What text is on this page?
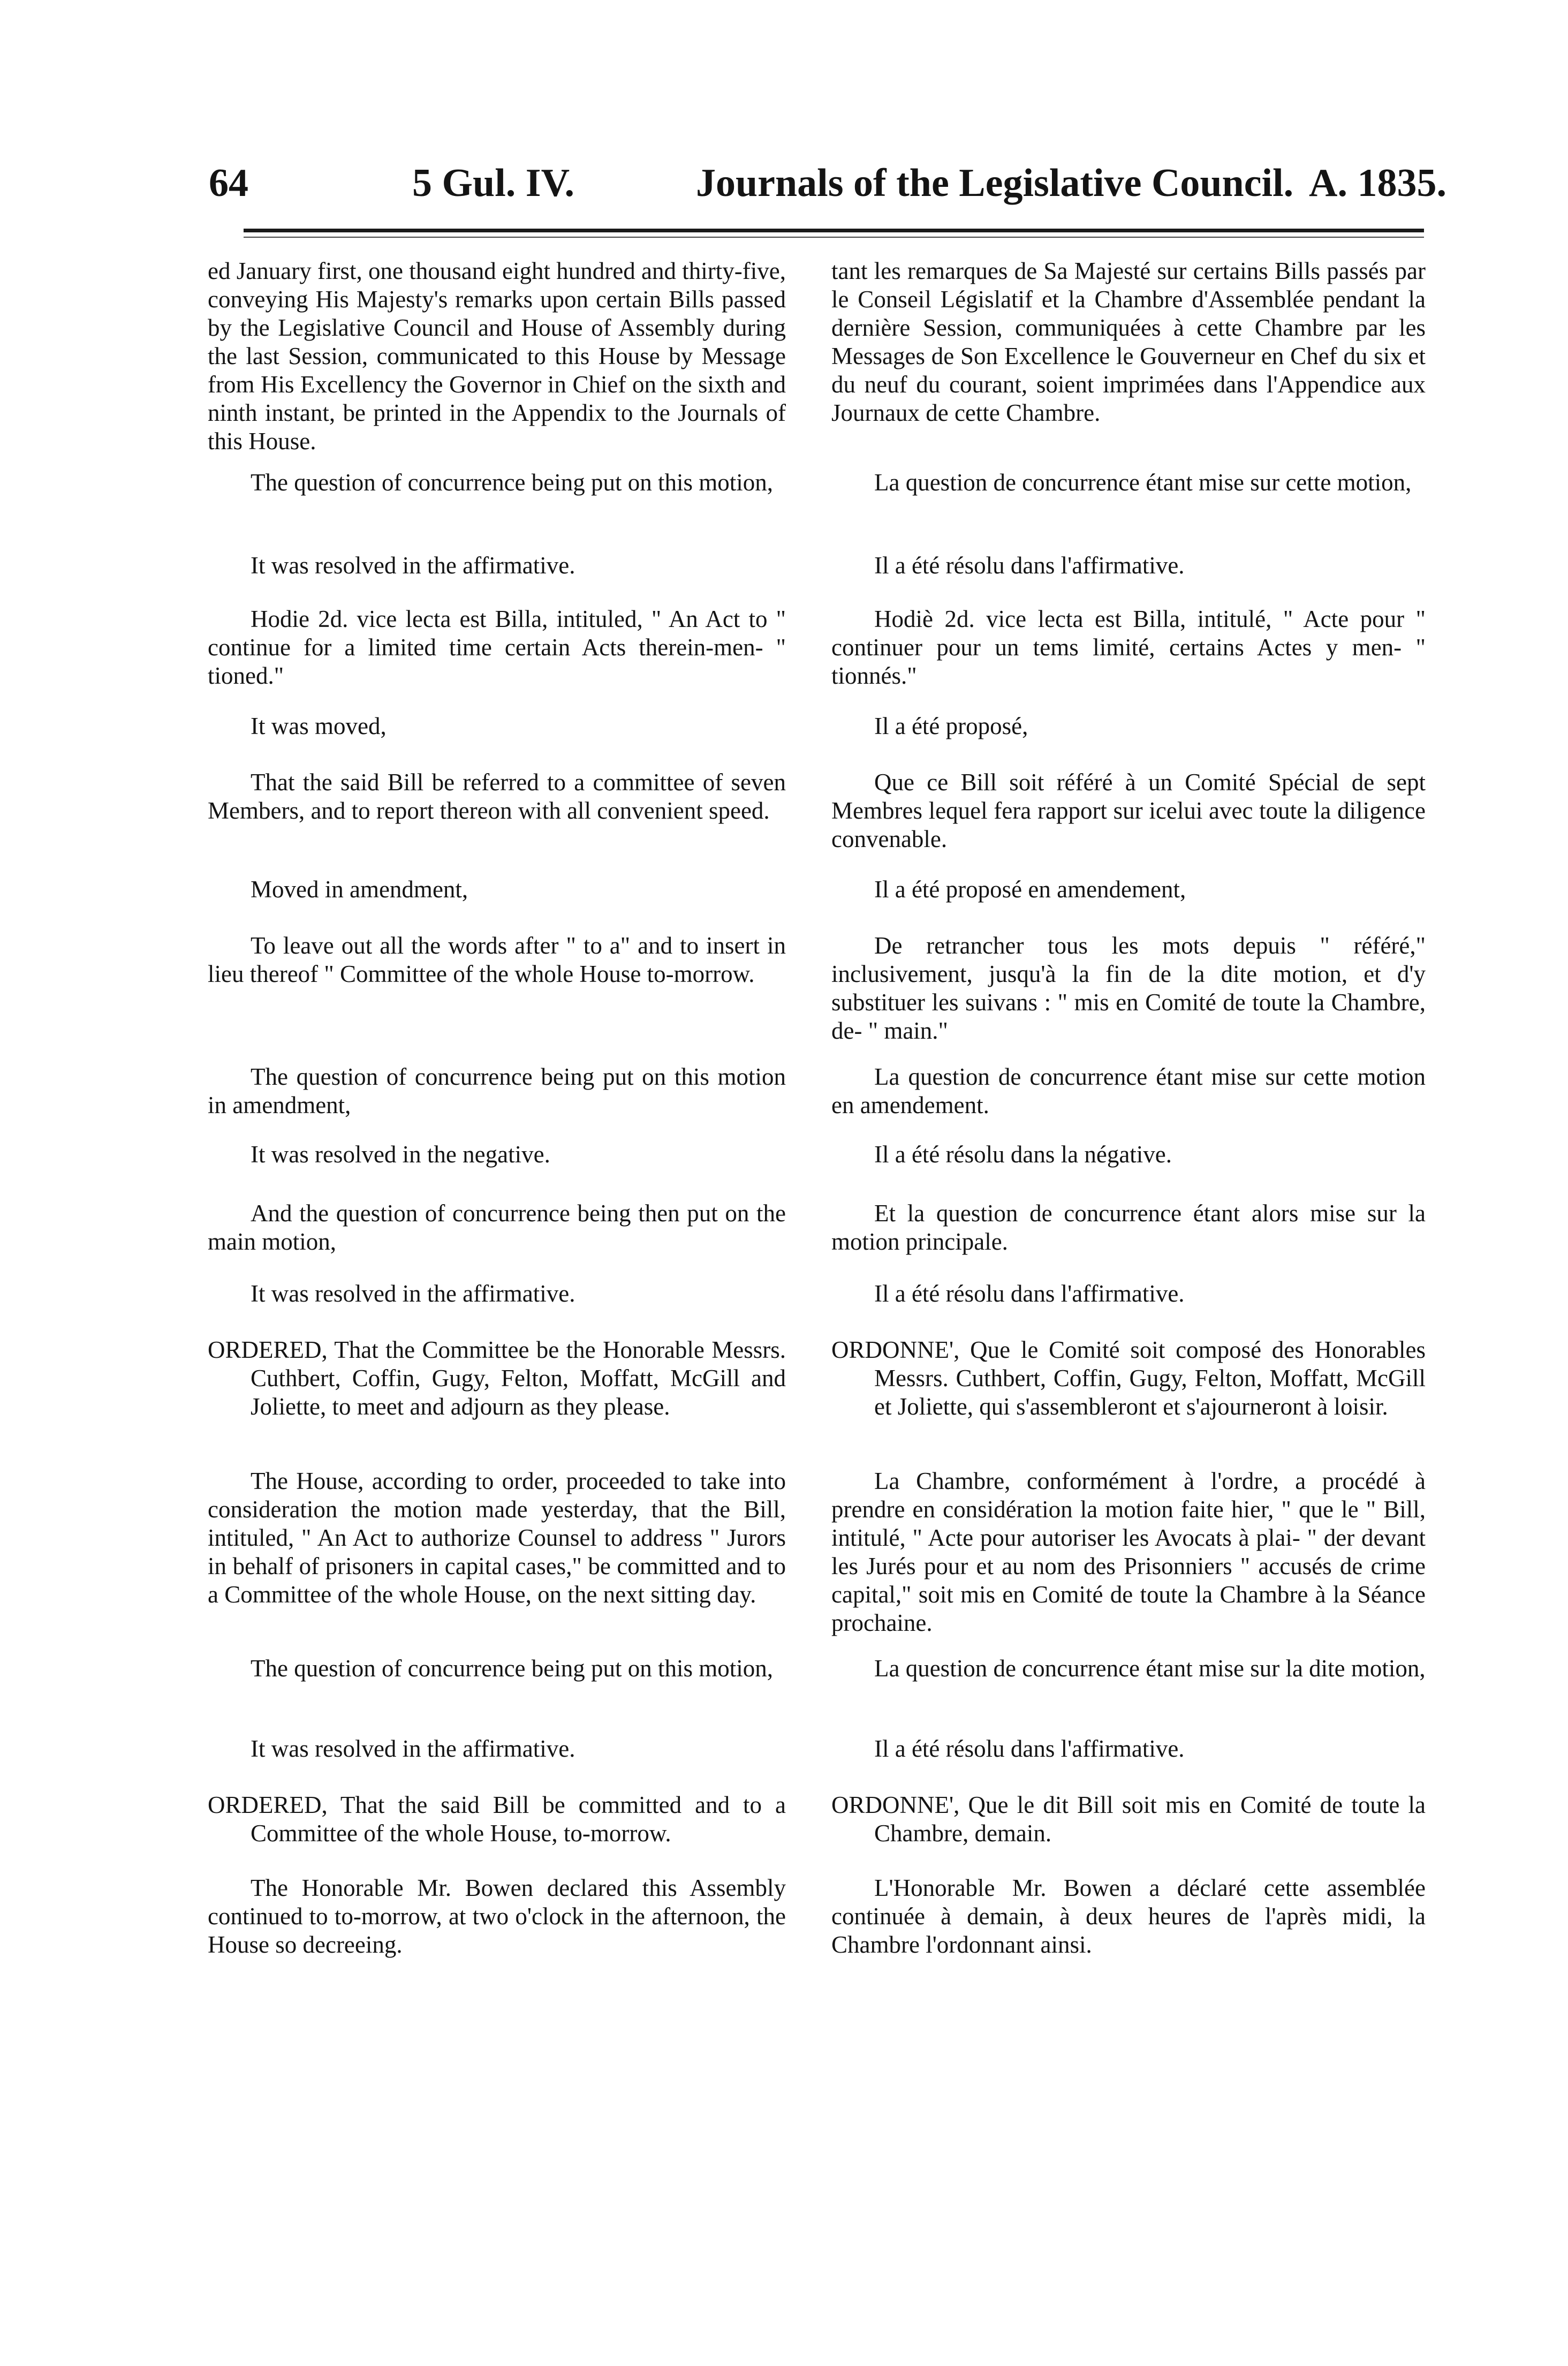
64	5 Gul. IV.	Journals of the Legislative Council. A. 1835.

ed January first, one thousand eight hundred and thirty-five, conveying His Majesty's remarks upon certain Bills passed by the Legislative Council and House of Assembly during the last Session, communicated to this House by Message from His Excellency the Governor in Chief on the sixth and ninth instant, be printed in the Appendix to the Journals of this House.

The question of concurrence being put on this motion,

It was resolved in the affirmative.

Hodie 2d. vice lecta est Billa, intituled, " An Act to " continue for a limited time certain Acts therein-men- " tioned."

It was moved,

That the said Bill be referred to a committee of seven Members, and to report thereon with all convenient speed.

Moved in amendment,

To leave out all the words after " to a" and to insert in lieu thereof " Committee of the whole House to-morrow.

The question of concurrence being put on this motion in amendment,

It was resolved in the negative.

And the question of concurrence being then put on the main motion,

It was resolved in the affirmative.

ORDERED, That the Committee be the Honorable Messrs. Cuthbert, Coffin, Gugy, Felton, Moffatt, McGill and Joliette, to meet and adjourn as they please.

The House, according to order, proceeded to take into consideration the motion made yesterday, that the Bill, intituled, " An Act to authorize Counsel to address " Jurors in behalf of prisoners in capital cases," be committed and to a Committee of the whole House, on the next sitting day.

The question of concurrence being put on this motion,

It was resolved in the affirmative.

ORDERED, That the said Bill be committed and to a Committee of the whole House, to-morrow.

The Honorable Mr. Bowen declared this Assembly continued to to-morrow, at two o'clock in the afternoon, the House so decreeing.

tant les remarques de Sa Majesté sur certains Bills passés par le Conseil Législatif et la Chambre d'Assemblée pendant la dernière Session, communiquées à cette Chambre par les Messages de Son Excellence le Gouverneur en Chef du six et du neuf du courant, soient imprimées dans l'Appendice aux Journaux de cette Chambre.

La question de concurrence étant mise sur cette motion,

Il a été résolu dans l'affirmative.

Hodiè 2d. vice lecta est Billa, intitulé, " Acte pour " continuer pour un tems limité, certains Actes y men- " tionnés."

Il a été proposé,

Que ce Bill soit référé à un Comité Spécial de sept Membres lequel fera rapport sur icelui avec toute la diligence convenable.

Il a été proposé en amendement,

De retrancher tous les mots depuis " référé," inclusivement, jusqu'à la fin de la dite motion, et d'y substituer les suivans : " mis en Comité de toute la Chambre, de- " main."

La question de concurrence étant mise sur cette motion en amendement.

Il a été résolu dans la négative.

Et la question de concurrence étant alors mise sur la motion principale.

Il a été résolu dans l'affirmative.

ORDONNE', Que le Comité soit composé des Honorables Messrs. Cuthbert, Coffin, Gugy, Felton, Moffatt, McGill et Joliette, qui s'assembleront et s'ajourneront à loisir.

La Chambre, conformément à l'ordre, a procédé à prendre en considération la motion faite hier, " que le " Bill, intitulé, " Acte pour autoriser les Avocats à plai- " der devant les Jurés pour et au nom des Prisonniers " accusés de crime capital," soit mis en Comité de toute la Chambre à la Séance prochaine.

La question de concurrence étant mise sur la dite motion,

Il a été résolu dans l'affirmative.

ORDONNE', Que le dit Bill soit mis en Comité de toute la Chambre, demain.

L'Honorable Mr. Bowen a déclaré cette assemblée continuée à demain, à deux heures de l'après midi, la Chambre l'ordonnant ainsi.
